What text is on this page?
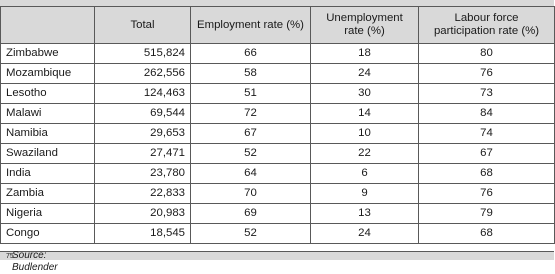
	Total	Employment rate (%)	Unemployment rate (%)	Labour force participation rate (%)
Zimbabwe	515,824	66	18	80
Mozambique	262,556	58	24	76
Lesotho	124,463	51	30	73
Malawi	69,544	72	14	84
Namibia	29,653	67	10	74
Swaziland	27,471	52	22	67
India	23,780	64	6	68
Zambia	22,833	70	9	76
Nigeria	20,983	69	13	79
Congo	18,545	52	24	68
Source: Budlender
$^{75}$
